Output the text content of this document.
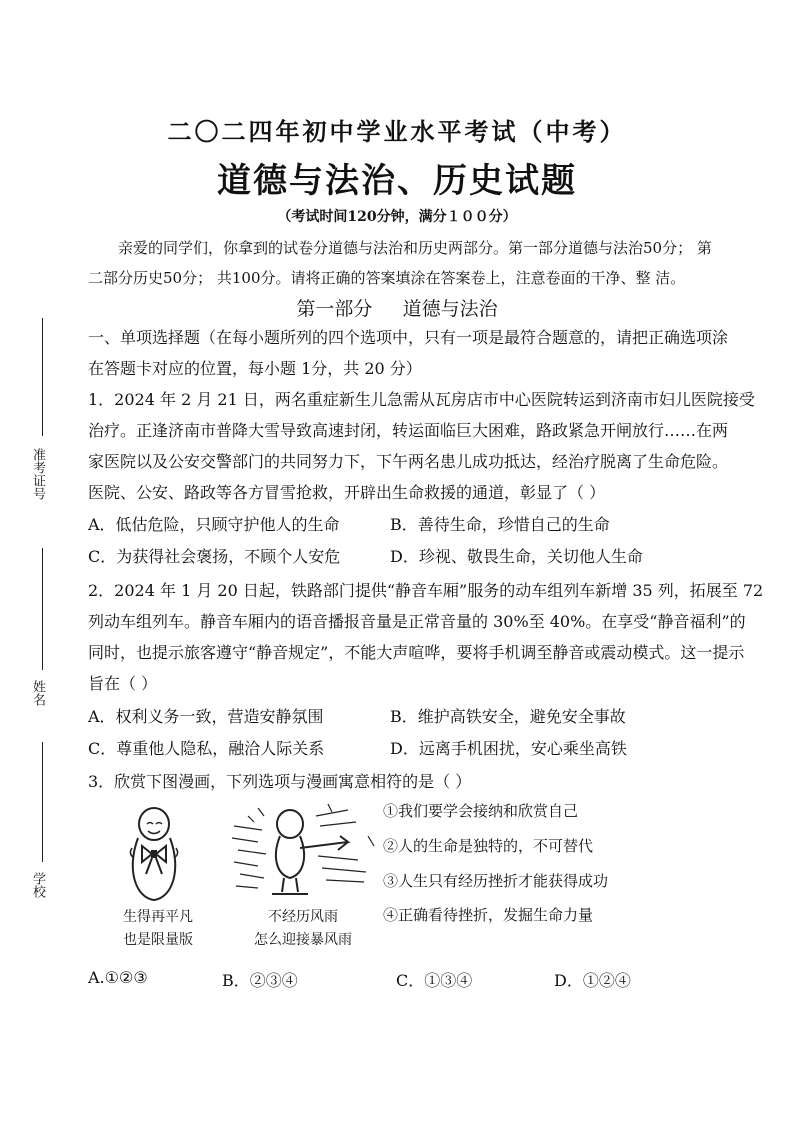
准考证号
姓名
学校
二〇二四年初中学业水平考试（中考）
道德与法治、历史试题
（考试时间120分钟，满分１００分）
亲爱的同学们，你拿到的试卷分道德与法治和历史两部分。第一部分道德与法治50分； 第
二部分历史50分； 共100分。请将正确的答案填涂在答案卷上，注意卷面的干净、整 洁。
第一部分     道德与法治
一、单项选择题（在每小题所列的四个选项中，只有一项是最符合题意的，请把正确选项涂
在答题卡对应的位置，每小题 1分，共 20 分）
1．2024 年 2 月 21 日，两名重症新生儿急需从瓦房店市中心医院转运到济南市妇儿医院接受
治疗。正逢济南市普降大雪导致高速封闭，转运面临巨大困难，路政紧急开闸放行……在两
家医院以及公安交警部门的共同努力下，下午两名患儿成功抵达，经治疗脱离了生命危险。
医院、公安、路政等各方冒雪抢救，开辟出生命救援的通道，彰显了（ ）
A．低估危险，只顾守护他人的生命	B．善待生命，珍惜自己的生命
C．为获得社会褒扬，不顾个人安危	D．珍视、敬畏生命，关切他人生命
2．2024 年 1 月 20 日起，铁路部门提供“静音车厢”服务的动车组列车新增 35 列，拓展至 72
列动车组列车。静音车厢内的语音播报音量是正常音量的 30%至 40%。在享受“静音福利”的
同时，也提示旅客遵守“静音规定”，不能大声喧哗，要将手机调至静音或震动模式。这一提示
旨在（ ）
A．权利义务一致，营造安静氛围	B．维护高铁安全，避免安全事故
C．尊重他人隐私，融洽人际关系	D．远离手机困扰，安心乘坐高铁
3．欣赏下图漫画，下列选项与漫画寓意相符的是（ ）
生得再平凡
也是限量版
不经历风雨
怎么迎接暴风雨
①我们要学会接纳和欣赏自己
②人的生命是独特的，不可替代
③人生只有经历挫折才能获得成功
④正确看待挫折，发掘生命力量
A.①②③	B．②③④	C．①③④	D．①②④
